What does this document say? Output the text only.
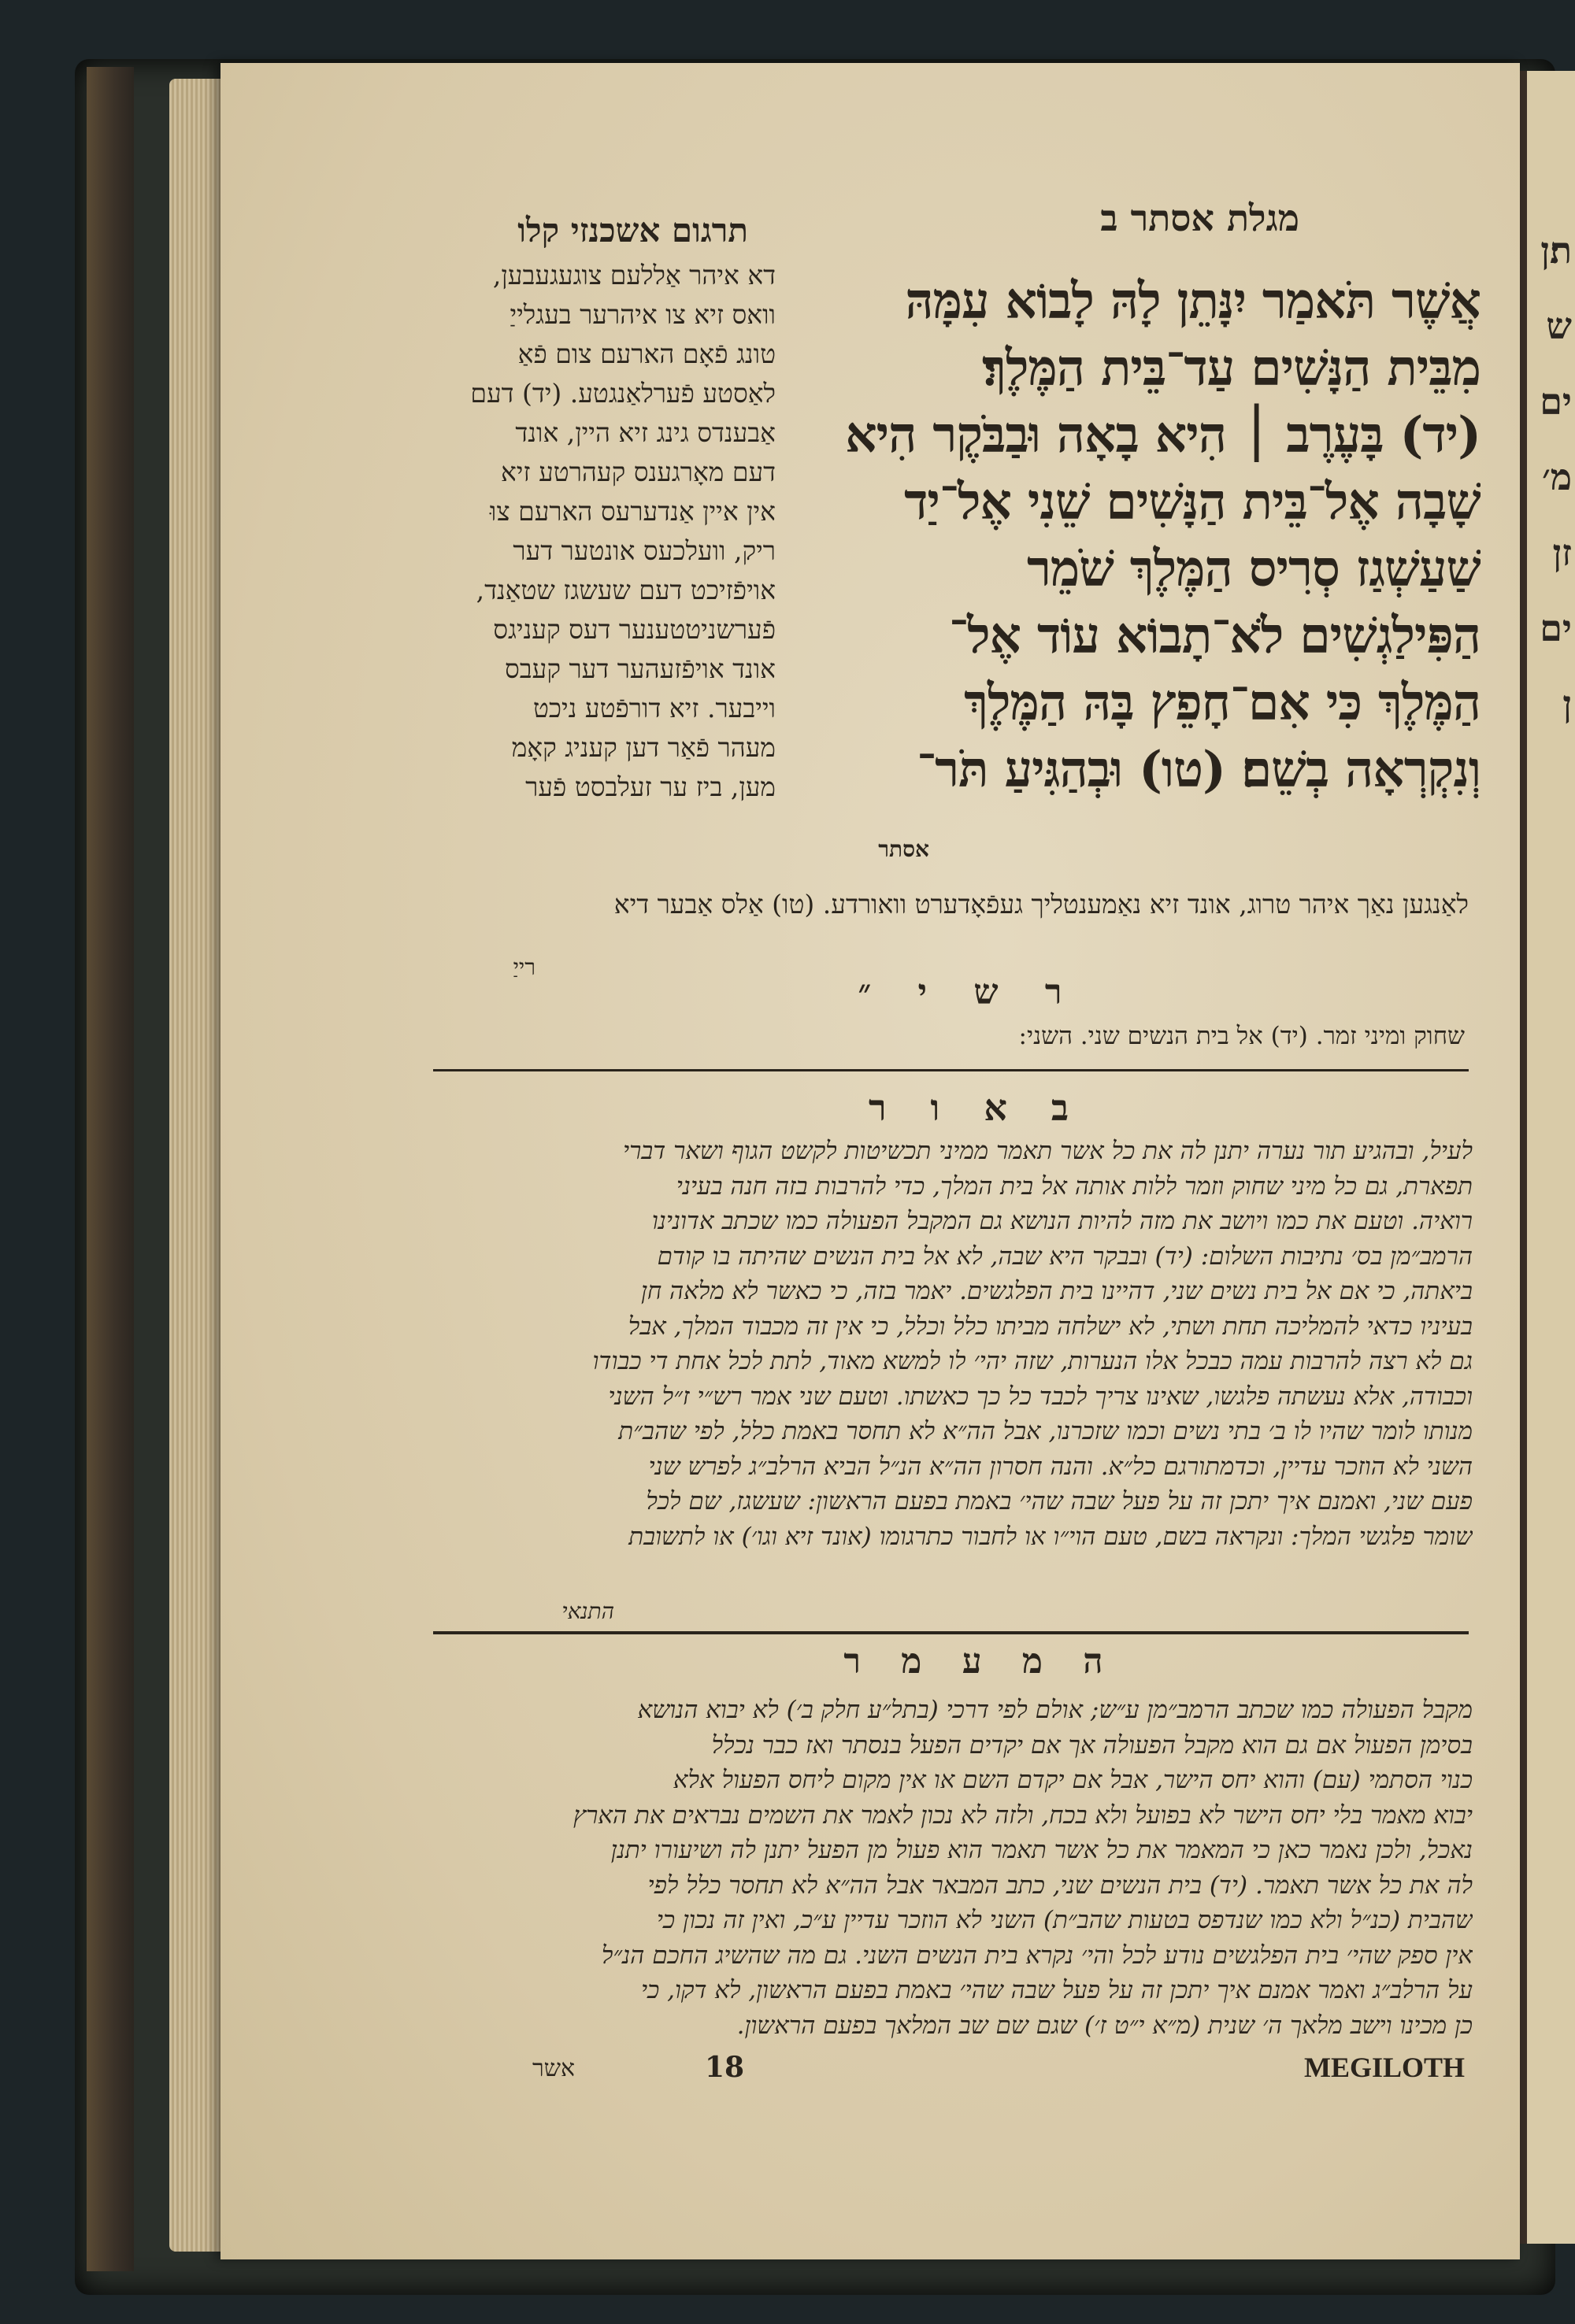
ת׃ן ש ים מ׳ זן ים ן
מגלת אסתר ב
תרגום אשכנזי קלו
אֲשֶׁר תֹּאמַר יִנָּתֵן לָהּ לָבוֹא עִמָּהּ
מִבֵּית הַנָּשִׁים עַד־בֵּית הַמֶּלֶךְ׃
(יד) בָּעֶרֶב ׀ הִיא בָאָה וּבַבֹּקֶר הִיא
שָׁבָה אֶל־בֵּית הַנָּשִׁים שֵׁנִי אֶל־יַד
שַׁעַשְׁגַז סְרִיס הַמֶּלֶךְ שֹׁמֵר
הַפִּילַגְשִׁים לֹא־תָבוֹא עוֹד אֶל־
הַמֶּלֶךְ כִּי אִם־חָפֵץ בָּהּ הַמֶּלֶךְ
וְנִקְרְאָה בְשֵׁם׃ (טו) וּבְהַגִּיעַ תֹּר־
אסתר
דא איהר אַללעם צוגעגעבען,
וואס זיא צו איהרער בעגלייַ
טונג פֿאָם הארעם צום פֿאַ
לאַסטע פֿערלאַנגטע. (יד) דעם
אַבענדס גינג זיא היין, אונד
דעם מאָרגענס קעהרטע זיא
אין איין אַנדערעס הארעם צוּ
ריק, וועלכעס אונטער דער
אויפֿזיכט דעם שעשגז שטאַנד,
פֿערשניטטענער דעס קעניגס
אונד אויפֿזעהער דער קעבס
וייבער. זיא דורפֿטע ניכט
מעהר פֿאַר דען קעניג קאָמ
מען, ביז ער זעלבסט פֿער
לאַנגען נאַך איהר טרוג, אונד זיא נאַמענטליך געפֿאָדערט וואורדע. (טו) אַלס אַבער דיא
רייַ
ר ש י ״
שחוק ומיני זמר. (יד) אל בית הנשים שני. השני:
ב א ו ר
לעיל, ובהגיע תור נערה יתנן לה את כל אשר תאמר ממיני תכשיטות לקשט הגוף ושאר דברי
תפארת, גם כל מיני שחוק וזמר ללות אותה אל בית המלך, כדי להרבות בזה חנה בעיני
רואיה. וטעם את כמו ויושב את מזה להיות הנושא גם המקבל הפעולה כמו שכתב אדונינו
הרמב״מן בס׳ נתיבות השלום: (יד) ובבקר היא שבה, לא אל בית הנשים שהיתה בו קודם
ביאתה, כי אם אל בית נשים שני, דהיינו בית הפלגשים. יאמר בזה, כי כאשר לא מלאה חן
בעיניו כדאי להמליכה תחת ושתי, לא ישלחה מביתו כלל וכלל, כי אין זה מכבוד המלך, אבל
גם לא רצה להרבות עמה כבכל אלו הנערות, שזה יהי׳ לו למשא מאוד, לתת לכל אחת די כבודו
וכבודה, אלא נעשתה פלגשו, שאינו צריך לכבד כל כך כאשתו. וטעם שני אמר רש״י ז״ל השני
מנותו לומר שהיו לו ב׳ בתי נשים וכמו שזכרנו, אבל הה״א לא תחסר באמת כלל, לפי שהב״ת
השני לא הוזכר עדיין, וכדמתורגם כל״א. והנה חסרון הה״א הנ״ל הביא הרלב״ג לפרש שני
פעם שני, ואמנם איך יתכן זה על פעל שבה שהי׳ באמת בפעם הראשון: שעשגז, שם לכל
שומר פלגשי המלך: ונקראה בשם, טעם הוי״ו או לחבור כתרגומו (אונד זיא וגו׳) או לתשובת
התנאי
ה מ ע מ ר
מקבל הפעולה כמו שכתב הרמב״מן ע״ש; אולם לפי דרכי (בתל״ע חלק ב׳) לא יבוא הנושא
בסימן הפעול אם גם הוא מקבל הפעולה אך אם יקדים הפעל בנסתר ואז כבר נכלל
כנוי הסתמי (עם) והוא יחס הישר, אבל אם יקדם השם או אין מקום ליחס הפעול אלא
יבוא מאמר בלי יחס הישר לא בפועל ולא בכח, ולזה לא נכון לאמר את השמים נבראים את הארץ
נאכל, ולכן נאמר כאן כי המאמר את כל אשר תאמר הוא פעול מן הפעל יתנן לה ושיעורו יתנן
לה את כל אשר תאמר. (יד) בית הנשים שני, כתב המבאר אבל הה״א לא תחסר כלל לפי
שהבית (כנ״ל ולא כמו שנדפס בטעות שהב״ת) השני לא הוזכר עדיין ע״כ, ואין זה נכון כי
אין ספק שהי׳ בית הפלגשים נודע לכל והי׳ נקרא בית הנשים השני. גם מה שהשיג החכם הנ״ל
על הרלב״ג ואמר אמנם איך יתכן זה על פעל שבה שהי׳ באמת בפעם הראשון, לא דקו, כי
כן מכינו וישב מלאך ה׳ שנית (מ״א י״ט ז׳) שגם שם שב המלאך בפעם הראשון.
MEGILOTH
18
אשר
